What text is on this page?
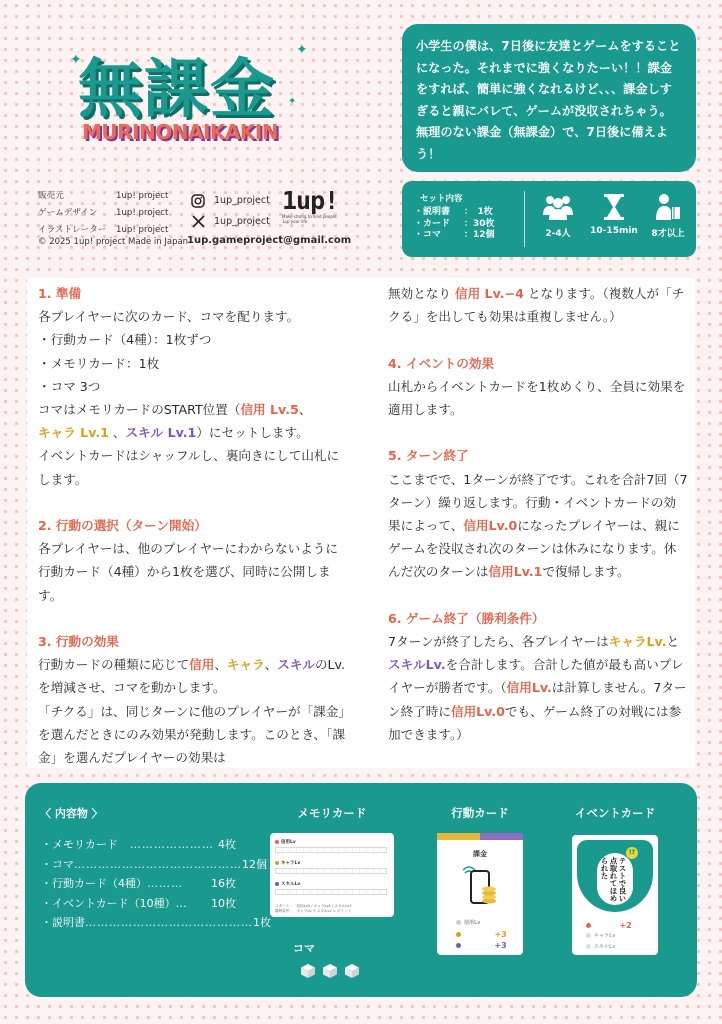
✦
✦
✦
無課金
MURINONAIKAKIN

小学生の僕は、7日後に友達とゲームをすることになった。それまでに強くなりたーい！！課金をすれば、簡単に強くなれるけど、、、課金しすぎると親にバレて、ゲームが没収されちゃう。無理のない課金（無課金）で、7日後に備えよう！

販売元	1up! project
ゲームデザイン	1up! project
イラストレーター	1up! project
© 2025 1up! project Made in Japan
1up_project
1up_project
1up!
Make strong to kind people. 1up your life
1up.gameproject@gmail.com
セット内容
・説明書	：　1枚
・カード	：30枚
・コマ	：12個	2-4人	10-15min	8才以上
1. 準備

各プレイヤーに次のカード、コマを配ります。

・行動カード（4種）：1枚ずつ

・メモリカード：1枚

・コマ 3つ

コマはメモリカードのSTART位置（信用 Lv.5、
キャラ Lv.1 、スキル Lv.1）にセットします。

イベントカードはシャッフルし、裏向きにして山札にします。

2. 行動の選択（ターン開始）

各プレイヤーは、他のプレイヤーにわからないように行動カード（4種）から1枚を選び、同時に公開します。

3. 行動の効果

行動カードの種類に応じて信用、キャラ、スキルのLv.を増減させ、コマを動かします。

「チクる」は、同じターンに他のプレイヤーが「課金」を選んだときにのみ効果が発動します。このとき、「課金」を選んだプレイヤーの効果は

無効となり 信用 Lv.−4 となります。（複数人が「チクる」を出しても効果は重複しません。）

4. イベントの効果

山札からイベントカードを1枚めくり、全員に効果を適用します。

5. ターン終了

ここまでで、1ターンが終了です。これを合計7回（7ターン）繰り返します。行動・イベントカードの効果によって、信用Lv.0になったプレイヤーは、親にゲームを没収され次のターンは休みになります。休んだ次のターンは信用Lv.1で復帰します。

6. ゲーム終了（勝利条件）

7ターンが終了したら、各プレイヤーはキャラLv.とスキルLv.を合計します。合計した値が最も高いプレイヤーが勝者です。（信用Lv.は計算しません。7ターン終了時に信用Lv.0でも、ゲーム終了の対戦には参加できます。）

〈 内容物 〉
・メモリカード 　………………… 4枚
・コマ …………………………………… 12個
・行動カード（4種） ………	16枚
・イベントカード（10種） …	10枚
・説明書 …………………………………… 1枚
メモリカード	行動カード	イベントカード
信用Lv
キャラLv
スキルLv
スタート：　信用Lv5 / キャラLv1 / スキルLv1
勝利条件：　キャラLv + スキルLv = ポイント
課金
信用Lv
キャラLv +3
スキルLv +3
テストで良い点取れてほめられた
!?
信用Lv +2
キャラLv
スキルLv
コマ
